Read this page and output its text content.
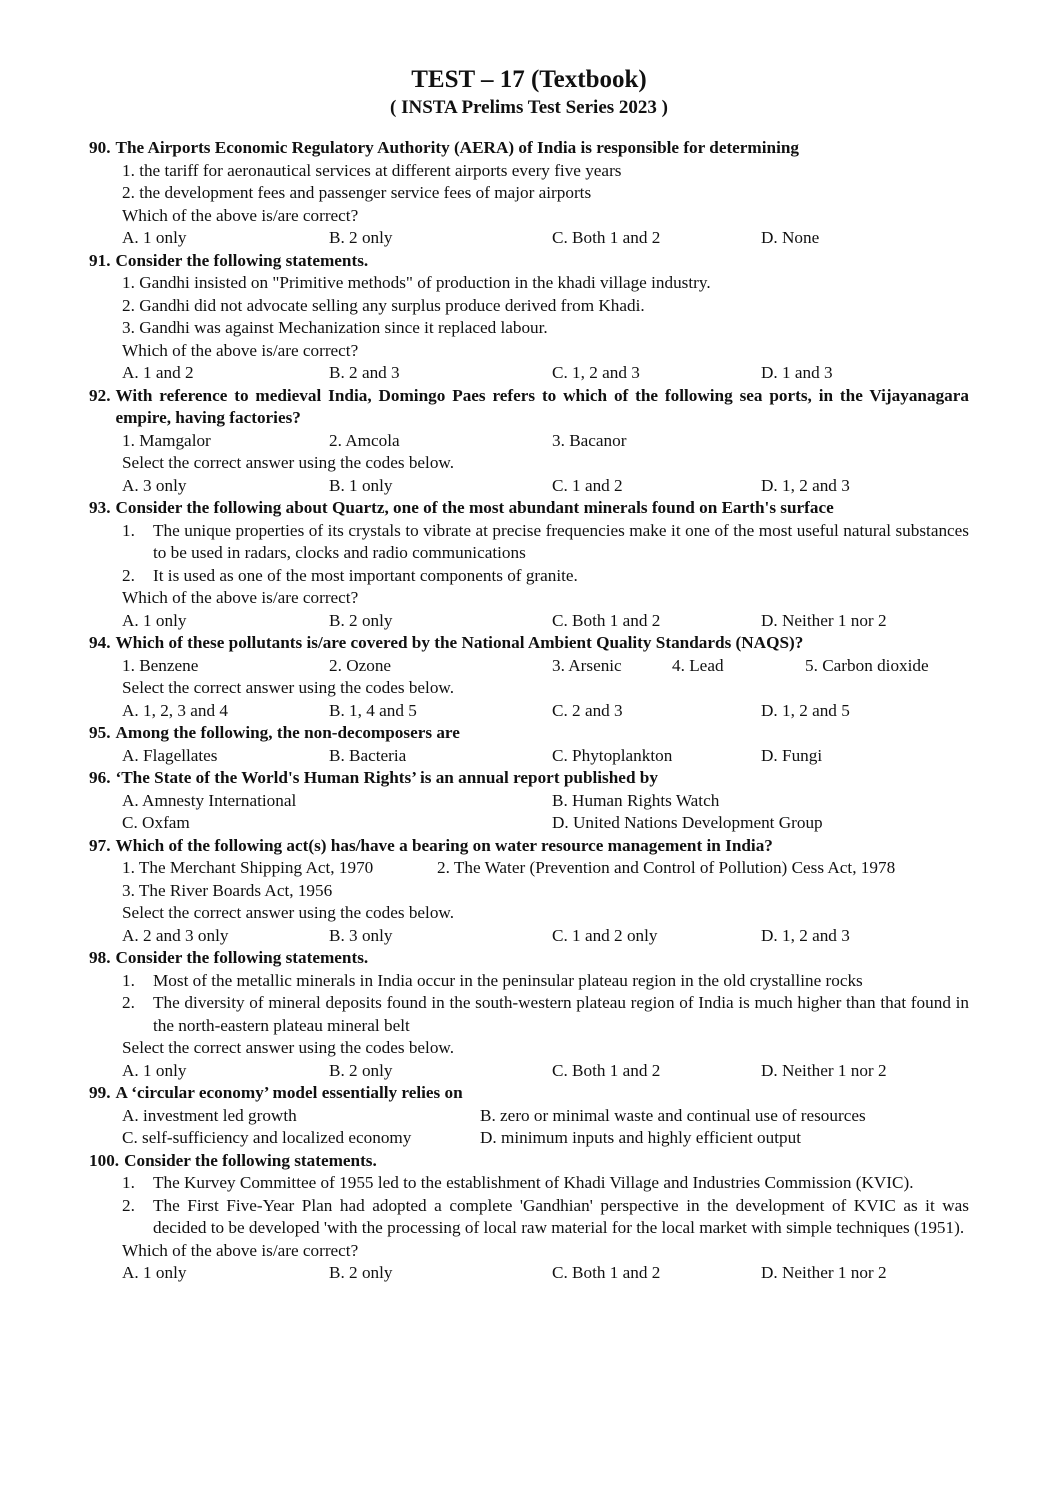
TEST – 17 (Textbook)
( INSTA Prelims Test Series 2023 )
90. The Airports Economic Regulatory Authority (AERA) of India is responsible for determining
1. the tariff for aeronautical services at different airports every five years
2. the development fees and passenger service fees of major airports
Which of the above is/are correct?
A. 1 only	B. 2 only	C. Both 1 and 2	D. None
91. Consider the following statements.
1. Gandhi insisted on "Primitive methods" of production in the khadi village industry.
2. Gandhi did not advocate selling any surplus produce derived from Khadi.
3. Gandhi was against Mechanization since it replaced labour.
Which of the above is/are correct?
A. 1 and 2	B. 2 and 3	C. 1, 2 and 3	D. 1 and 3
92. With reference to medieval India, Domingo Paes refers to which of the following sea ports, in the Vijayanagara empire, having factories?
1. Mamgalor	2. Amcola	3. Bacanor
Select the correct answer using the codes below.
A. 3 only	B. 1 only	C. 1 and 2	D. 1, 2 and 3
93. Consider the following about Quartz, one of the most abundant minerals found on Earth's surface
1.	The unique properties of its crystals to vibrate at precise frequencies make it one of the most useful natural substances to be used in radars, clocks and radio communications
2.	It is used as one of the most important components of granite.
Which of the above is/are correct?
A. 1 only	B. 2 only	C. Both 1 and 2	D. Neither 1 nor 2
94. Which of these pollutants is/are covered by the National Ambient Quality Standards (NAQS)?
1. Benzene	2. Ozone	3. Arsenic	4. Lead	5. Carbon dioxide
Select the correct answer using the codes below.
A. 1, 2, 3 and 4	B. 1, 4 and 5	C. 2 and 3	D. 1, 2 and 5
95. Among the following, the non-decomposers are
A. Flagellates	B. Bacteria	C. Phytoplankton	D. Fungi
96. ‘The State of the World's Human Rights’ is an annual report published by
A. Amnesty International	B. Human Rights Watch
C. Oxfam	D. United Nations Development Group
97. Which of the following act(s) has/have a bearing on water resource management in India?
1. The Merchant Shipping Act, 1970	2. The Water (Prevention and Control of Pollution) Cess Act, 1978
3. The River Boards Act, 1956
Select the correct answer using the codes below.
A. 2 and 3 only	B. 3 only	C. 1 and 2 only	D. 1, 2 and 3
98. Consider the following statements.
1.	Most of the metallic minerals in India occur in the peninsular plateau region in the old crystalline rocks
2.	The diversity of mineral deposits found in the south-western plateau region of India is much higher than that found in the north-eastern plateau mineral belt
Select the correct answer using the codes below.
A. 1 only	B. 2 only	C. Both 1 and 2	D. Neither 1 nor 2
99. A ‘circular economy’ model essentially relies on
A. investment led growth	B. zero or minimal waste and continual use of resources
C. self-sufficiency and localized economy	D. minimum inputs and highly efficient output
100. Consider the following statements.
1.	The Kurvey Committee of 1955 led to the establishment of Khadi Village and Industries Commission (KVIC).
2.	The First Five-Year Plan had adopted a complete 'Gandhian' perspective in the development of KVIC as it was decided to be developed 'with the processing of local raw material for the local market with simple techniques (1951).
Which of the above is/are correct?
A. 1 only	B. 2 only	C. Both 1 and 2	D. Neither 1 nor 2
